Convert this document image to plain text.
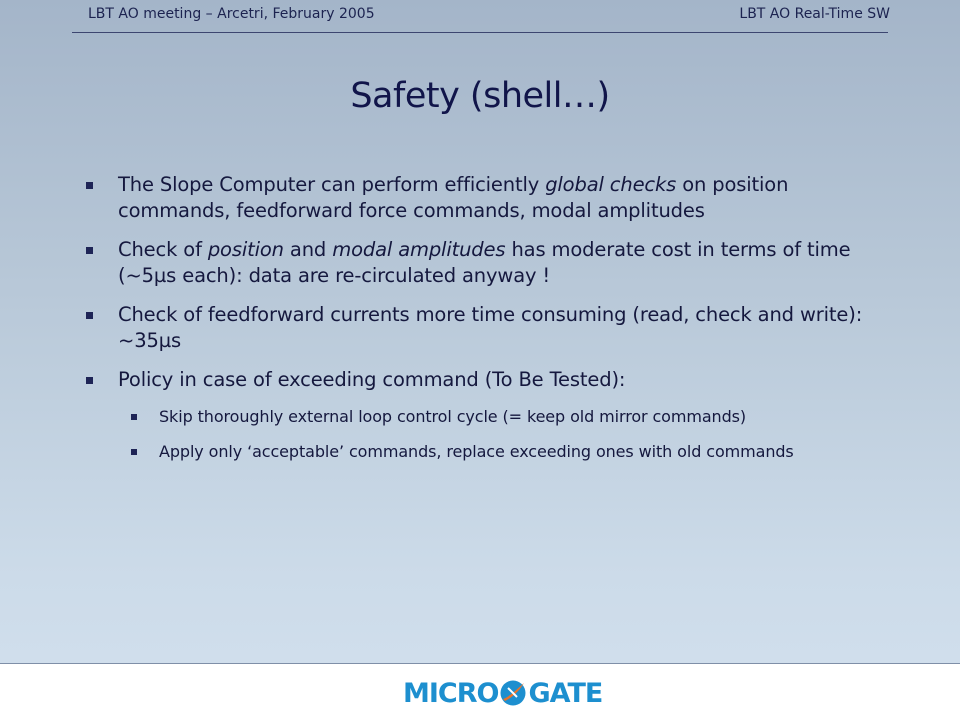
LBT AO meeting – Arcetri, February 2005	LBT AO Real-Time SW
Safety (shell…)
The Slope Computer can perform efficiently global checks on position commands, feedforward force commands, modal amplitudes
Check of position and modal amplitudes has moderate cost in terms of time (~5µs each): data are re-circulated anyway !
Check of feedforward currents more time consuming (read, check and write): ~35µs
Policy in case of exceeding command (To Be Tested):
Skip thoroughly external loop control cycle (= keep old mirror commands)
Apply only ‘acceptable’ commands, replace exceeding ones with old commands
MICRO GATE
